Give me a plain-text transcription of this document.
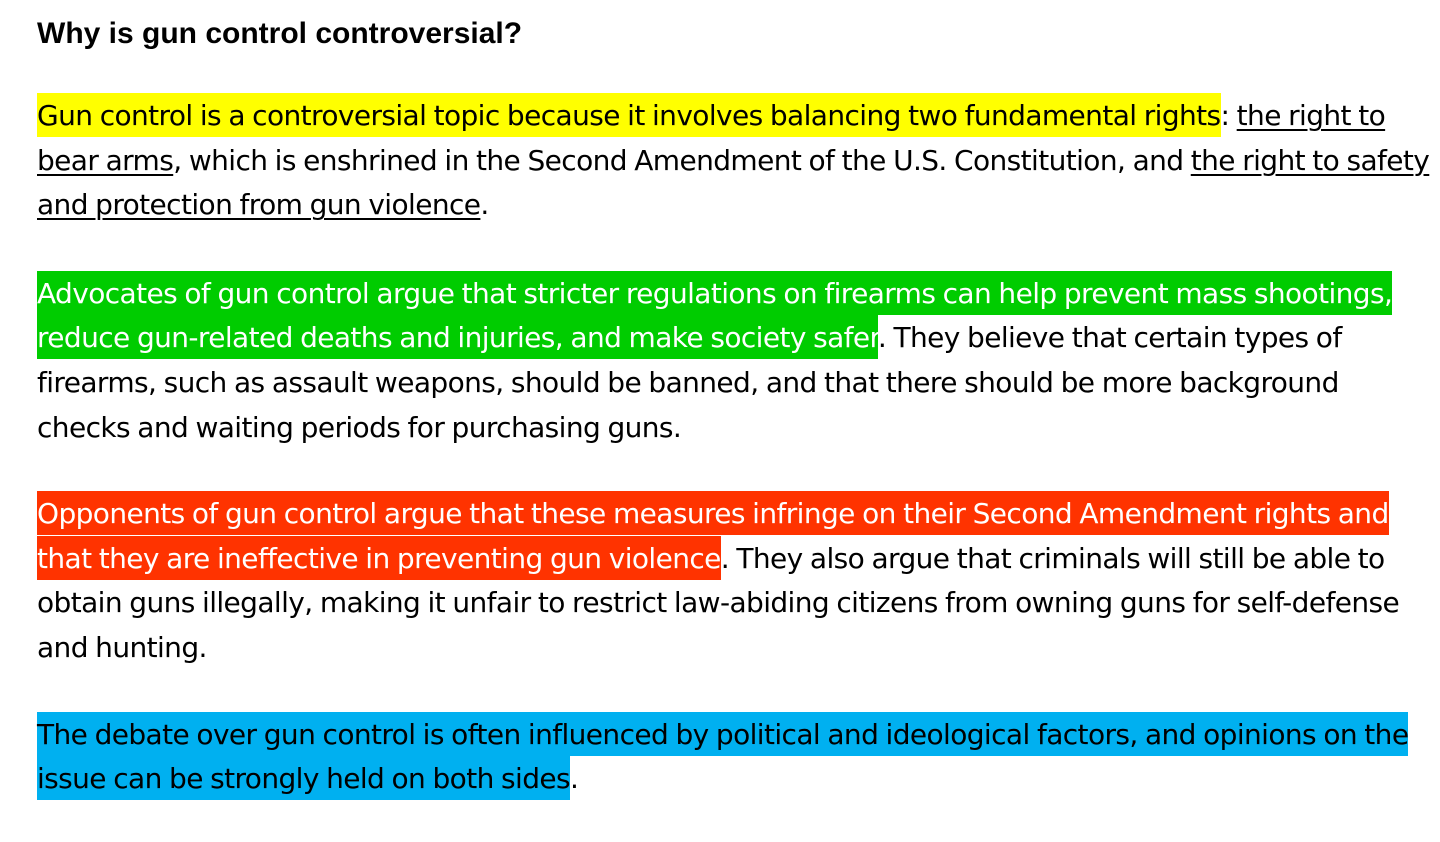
Why is gun control controversial?

Gun control is a controversial topic because it involves balancing two fundamental rights: the right to bear arms, which is enshrined in the Second Amendment of the U.S. Constitution, and the right to safety and protection from gun violence.

Advocates of gun control argue that stricter regulations on firearms can help prevent mass shootings, reduce gun-related deaths and injuries, and make society safer. They believe that certain types of firearms, such as assault weapons, should be banned, and that there should be more background checks and waiting periods for purchasing guns.

Opponents of gun control argue that these measures infringe on their Second Amendment rights and that they are ineffective in preventing gun violence. They also argue that criminals will still be able to obtain guns illegally, making it unfair to restrict law-abiding citizens from owning guns for self-defense and hunting.

The debate over gun control is often influenced by political and ideological factors, and opinions on the issue can be strongly held on both sides.
